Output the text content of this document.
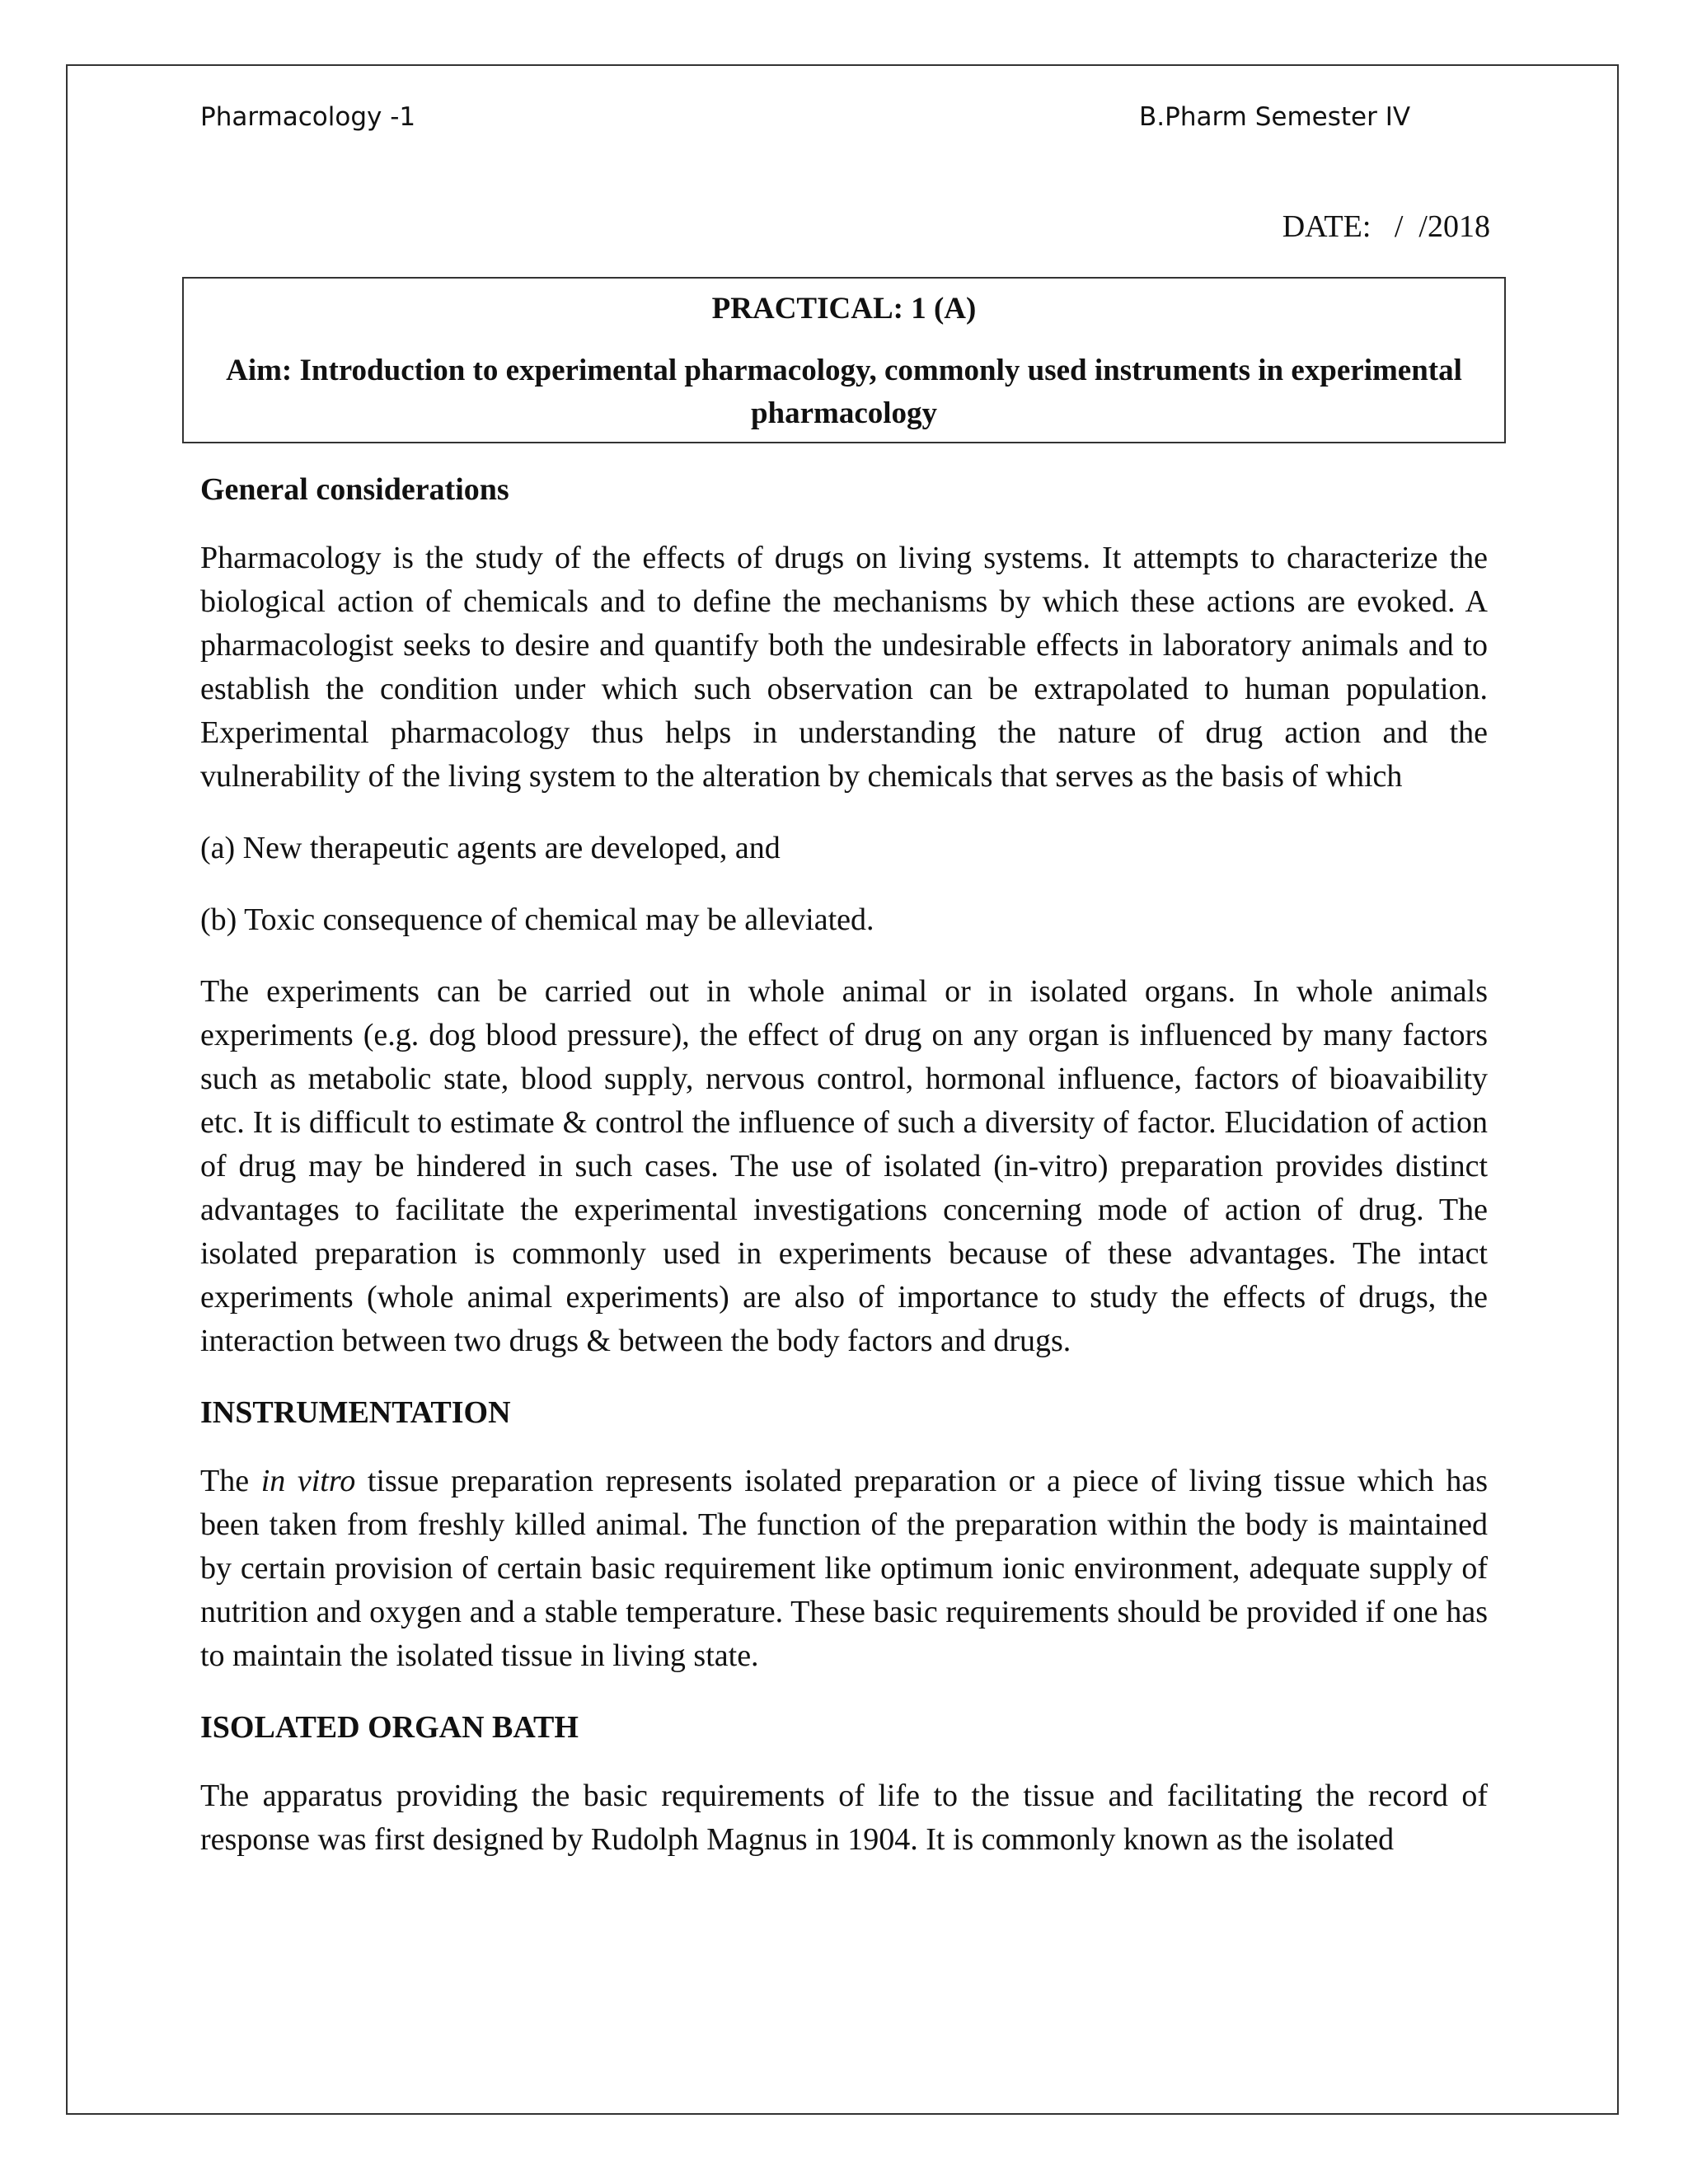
Pharmacology -1	B.Pharm Semester IV
DATE:   /  /2018
PRACTICAL: 1 (A)
Aim: Introduction to experimental pharmacology, commonly used instruments in experimental pharmacology
General considerations
Pharmacology is the study of the effects of drugs on living systems. It attempts to characterize the biological action of chemicals and to define the mechanisms by which these actions are evoked. A pharmacologist seeks to desire and quantify both the undesirable effects in laboratory animals and to establish the condition under which such observation can be extrapolated to human population. Experimental pharmacology thus helps in understanding the nature of drug action and the vulnerability of the living system to the alteration by chemicals that serves as the basis of which
(a) New therapeutic agents are developed, and
(b) Toxic consequence of chemical may be alleviated.
The experiments can be carried out in whole animal or in isolated organs. In whole animals experiments (e.g. dog blood pressure), the effect of drug on any organ is influenced by many factors such as metabolic state, blood supply, nervous control, hormonal influence, factors of bioavaibility etc. It is difficult to estimate & control the influence of such a diversity of factor. Elucidation of action of drug may be hindered in such cases. The use of isolated (in-vitro) preparation provides distinct advantages to facilitate the experimental investigations concerning mode of action of drug. The isolated preparation is commonly used in experiments because of these advantages. The intact experiments (whole animal experiments) are also of importance to study the effects of drugs, the interaction between two drugs & between the body factors and drugs.
INSTRUMENTATION
The in vitro tissue preparation represents isolated preparation or a piece of living tissue which has been taken from freshly killed animal. The function of the preparation within the body is maintained by certain provision of certain basic requirement like optimum ionic environment, adequate supply of nutrition and oxygen and a stable temperature. These basic requirements should be provided if one has to maintain the isolated tissue in living state.
ISOLATED ORGAN BATH
The apparatus providing the basic requirements of life to the tissue and facilitating the record of response was first designed by Rudolph Magnus in 1904. It is commonly known as the isolated
